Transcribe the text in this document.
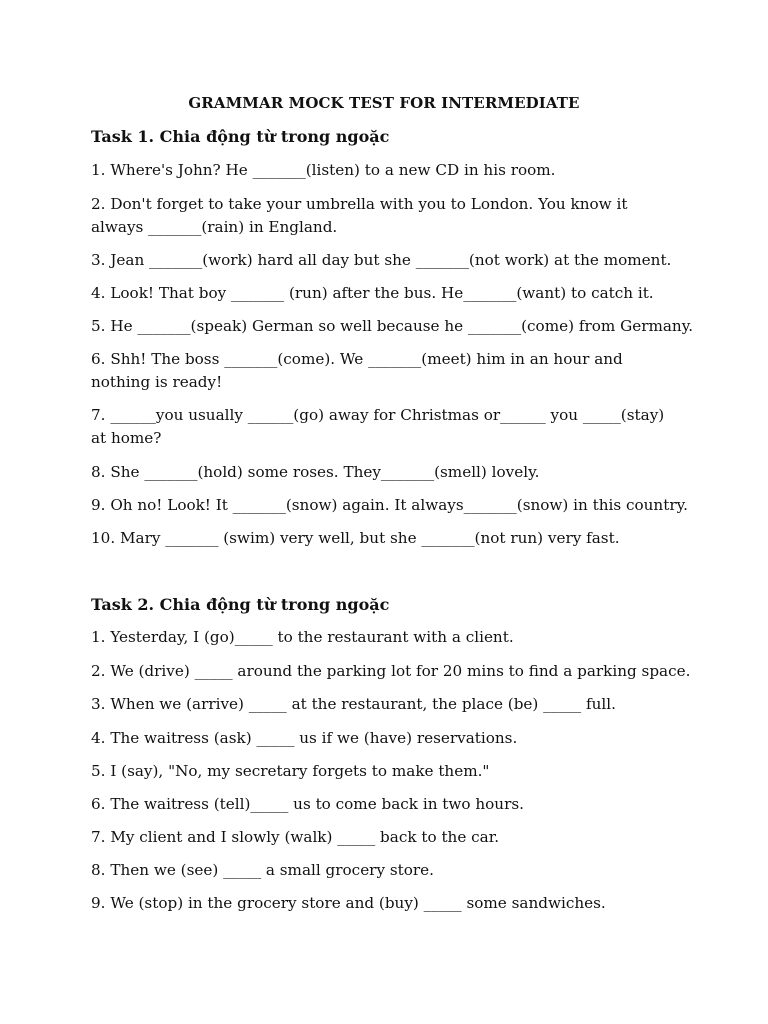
GRAMMAR MOCK TEST FOR INTERMEDIATE
Task 1. Chia động từ trong ngoặc
1. Where's John? He _______(listen) to a new CD in his room.
2. Don't forget to take your umbrella with you to London. You know it always _______(rain) in England.
3. Jean _______(work) hard all day but she _______(not work) at the moment.
4. Look! That boy _______ (run) after the bus. He_______(want) to catch it.
5. He _______(speak) German so well because he _______(come) from Germany.
6. Shh! The boss _______(come). We _______(meet) him in an hour and nothing is ready!
7. ______you usually ______(go) away for Christmas or______ you _____(stay) at home?
8. She _______(hold) some roses. They_______(smell) lovely.
9. Oh no! Look! It _______(snow) again. It always_______(snow) in this country.
10. Mary _______ (swim) very well, but she _______(not run) very fast.
Task 2. Chia động từ trong ngoặc
1. Yesterday, I (go)_____ to the restaurant with a client.
2. We (drive) _____ around the parking lot for 20 mins to find a parking space.
3. When we (arrive) _____ at the restaurant, the place (be) _____ full.
4. The waitress (ask) _____ us if we (have) reservations.
5. I (say), "No, my secretary forgets to make them."
6. The waitress (tell)_____ us to come back in two hours.
7. My client and I slowly (walk) _____ back to the car.
8. Then we (see) _____ a small grocery store.
9. We (stop) in the grocery store and (buy) _____ some sandwiches.
